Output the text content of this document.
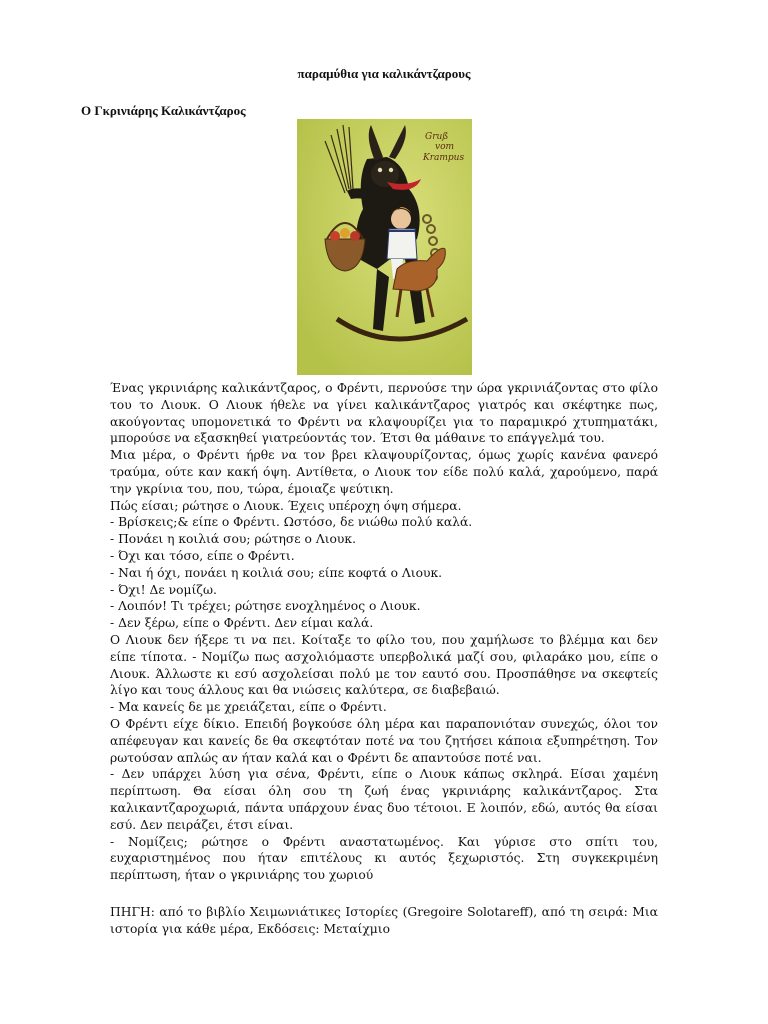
παραμύθια για καλικάντζαρους
Ο Γκρινιάρης Καλικάντζαρος
Gruß
vom
Krampus

Ένας γκρινιάρης καλικάντζαρος, ο Φρέντι, περνούσε την ώρα γκρινιάζοντας στο φίλο του το Λιουκ. Ο Λιουκ ήθελε να γίνει καλικάντζαρος γιατρός και σκέφτηκε πως, ακούγοντας υπομονετικά το Φρέντι να κλαψουρίζει για το παραμικρό χτυπηματάκι, μπορούσε να εξασκηθεί γιατρεύοντάς τον. Έτσι θα μάθαινε το επάγγελμά του.

Μια μέρα, ο Φρέντι ήρθε να τον βρει κλαψουρίζοντας, όμως χωρίς κανένα φανερό τραύμα, ούτε καν κακή όψη. Αντίθετα, ο Λιουκ τον είδε πολύ καλά, χαρούμενο, παρά την γκρίνια του, που, τώρα, έμοιαζε ψεύτικη.

Πώς είσαι; ρώτησε ο Λιουκ. Έχεις υπέροχη όψη σήμερα.

- Βρίσκεις;& είπε ο Φρέντι. Ωστόσο, δε νιώθω πολύ καλά.

- Πονάει η κοιλιά σου; ρώτησε ο Λιουκ.

- Όχι και τόσο, είπε ο Φρέντι.

- Ναι ή όχι, πονάει η κοιλιά σου; είπε κοφτά ο Λιουκ.

- Όχι! Δε νομίζω.

- Λοιπόν! Τι τρέχει; ρώτησε ενοχλημένος ο Λιουκ.

- Δεν ξέρω, είπε ο Φρέντι. Δεν είμαι καλά.

Ο Λιουκ δεν ήξερε τι να πει. Κοίταξε το φίλο του, που χαμήλωσε το βλέμμα και δεν είπε τίποτα. - Νομίζω πως ασχολιόμαστε υπερβολικά μαζί σου, φιλαράκο μου, είπε ο Λιουκ. Άλλωστε κι εσύ ασχολείσαι πολύ με τον εαυτό σου. Προσπάθησε να σκεφτείς λίγο και τους άλλους και θα νιώσεις καλύτερα, σε διαβεβαιώ.

- Μα κανείς δε με χρειάζεται, είπε ο Φρέντι.

Ο Φρέντι είχε δίκιο. Επειδή βογκούσε όλη μέρα και παραπονιόταν συνεχώς, όλοι τον απέφευγαν και κανείς δε θα σκεφτόταν ποτέ να του ζητήσει κάποια εξυπηρέτηση. Τον ρωτούσαν απλώς αν ήταν καλά και ο Φρέντι δε απαντούσε ποτέ ναι.

- Δεν υπάρχει λύση για σένα, Φρέντι, είπε ο Λιουκ κάπως σκληρά. Είσαι χαμένη περίπτωση. Θα είσαι όλη σου τη ζωή ένας γκρινιάρης καλικάντζαρος. Στα καλικαντζαροχωριά, πάντα υπάρχουν ένας δυο τέτοιοι. Ε λοιπόν, εδώ, αυτός θα είσαι εσύ. Δεν πειράζει, έτσι είναι.

- Νομίζεις; ρώτησε ο Φρέντι αναστατωμένος. Και γύρισε στο σπίτι του, ευχαριστημένος που ήταν επιτέλους κι αυτός ξεχωριστός. Στη συγκεκριμένη περίπτωση, ήταν ο γκρινιάρης του χωριού

ΠΗΓΗ: από το βιβλίο Χειμωνιάτικες Ιστορίες (Gregoire Solotareff), από τη σειρά: Μια ιστορία για κάθε μέρα, Εκδόσεις: Μεταίχμιο
